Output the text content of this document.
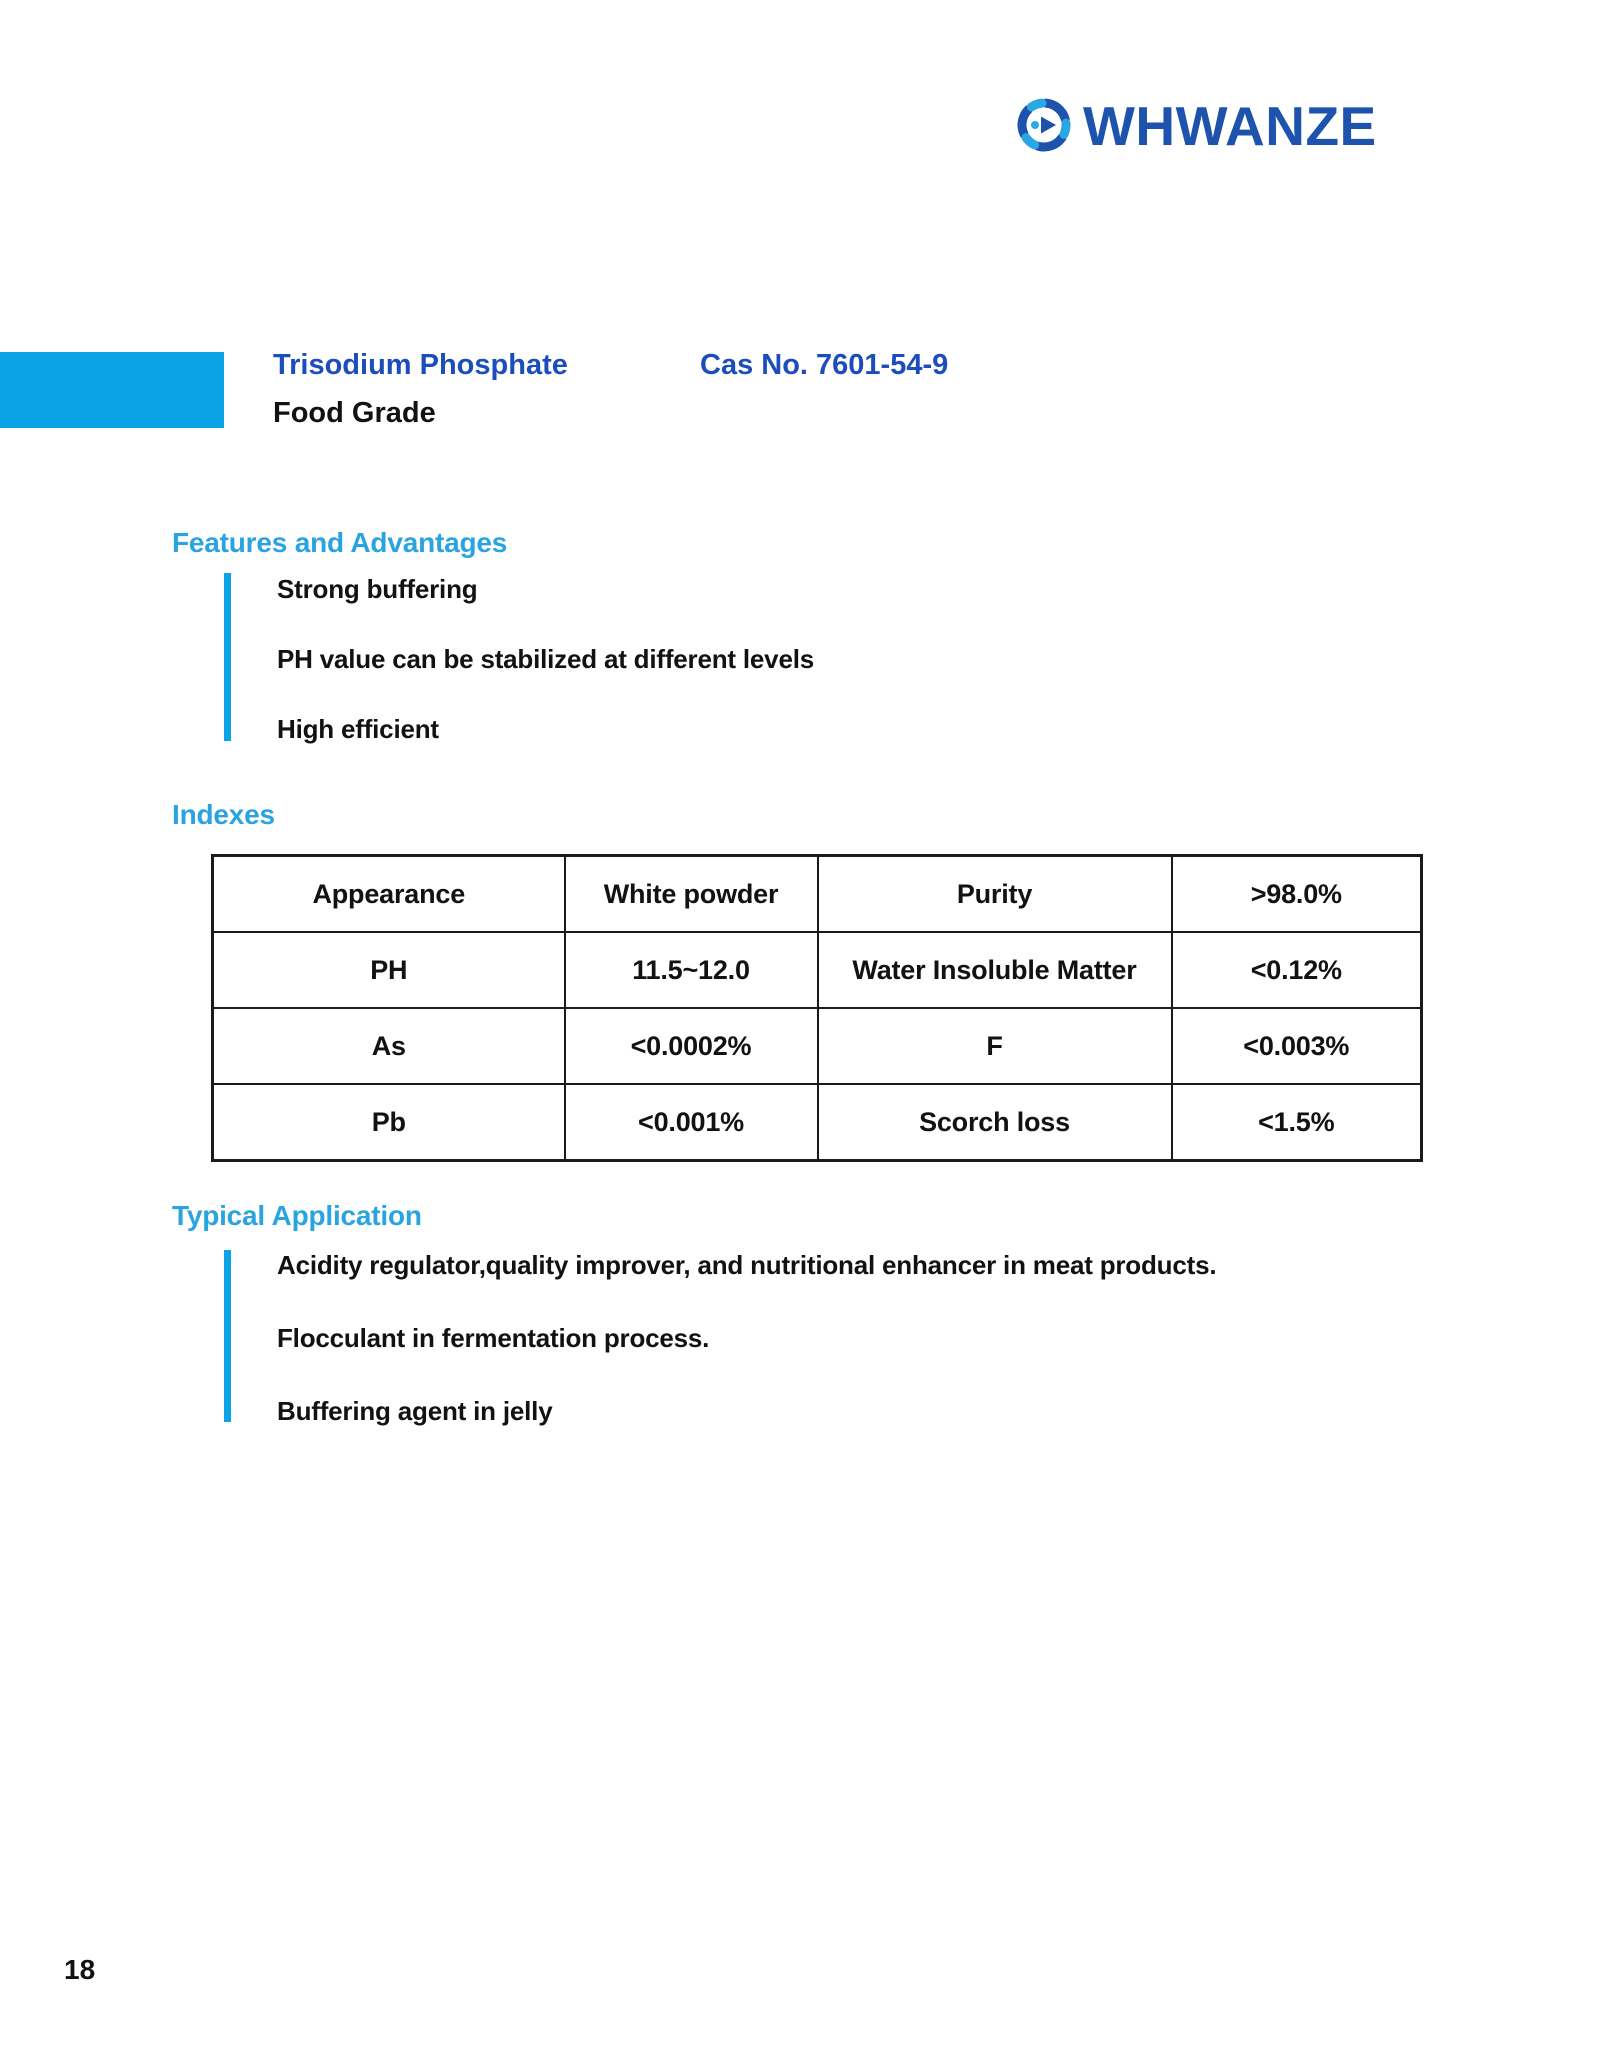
WHWANZE
Trisodium Phosphate	Cas No. 7601-54-9
Food Grade
Features and Advantages
Strong buffering
PH value can be stabilized at different levels
High efficient
Indexes
Appearance	White powder	Purity	>98.0%
PH	11.5~12.0	Water Insoluble Matter	<0.12%
As	<0.0002%	F	<0.003%
Pb	<0.001%	Scorch loss	<1.5%
Typical Application
Acidity regulator,quality improver, and nutritional enhancer in meat products.
Flocculant in fermentation process.
Buffering agent in jelly
18
